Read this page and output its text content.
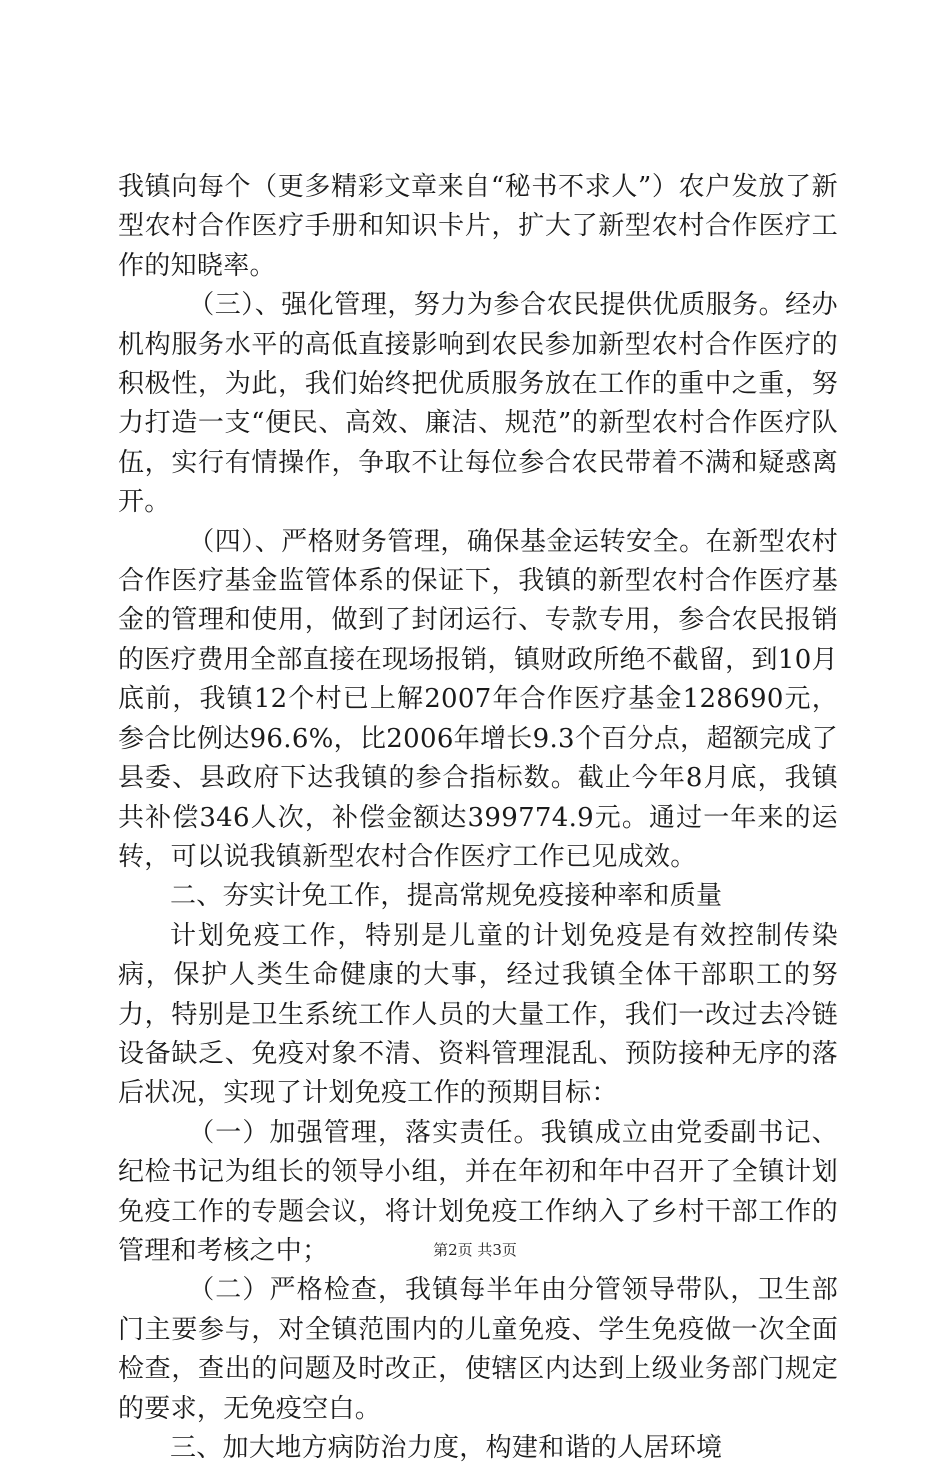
我镇向每个（更多精彩文章来自“秘书不求人”）农户发放了新型农村合作医疗手册和知识卡片，扩大了新型农村合作医疗工作的知晓率。

（三）、强化管理，努力为参合农民提供优质服务。经办机构服务水平的高低直接影响到农民参加新型农村合作医疗的积极性，为此，我们始终把优质服务放在工作的重中之重，努力打造一支“便民、高效、廉洁、规范”的新型农村合作医疗队伍，实行有情操作，争取不让每位参合农民带着不满和疑惑离开。

（四）、严格财务管理，确保基金运转安全。在新型农村合作医疗基金监管体系的保证下，我镇的新型农村合作医疗基金的管理和使用，做到了封闭运行、专款专用，参合农民报销的医疗费用全部直接在现场报销，镇财政所绝不截留，到10月底前，我镇12个村已上解2007年合作医疗基金128690元，参合比例达96.6%，比2006年增长9.3个百分点，超额完成了县委、县政府下达我镇的参合指标数。截止今年8月底，我镇共补偿346人次，补偿金额达399774.9元。通过一年来的运转，可以说我镇新型农村合作医疗工作已见成效。

二、夯实计免工作，提高常规免疫接种率和质量

计划免疫工作，特别是儿童的计划免疫是有效控制传染病，保护人类生命健康的大事，经过我镇全体干部职工的努力，特别是卫生系统工作人员的大量工作，我们一改过去冷链设备缺乏、免疫对象不清、资料管理混乱、预防接种无序的落后状况，实现了计划免疫工作的预期目标：

（一）加强管理，落实责任。我镇成立由党委副书记、纪检书记为组长的领导小组，并在年初和年中召开了全镇计划免疫工作的专题会议，将计划免疫工作纳入了乡村干部工作的管理和考核之中；

（二）严格检查，我镇每半年由分管领导带队，卫生部门主要参与，对全镇范围内的儿童免疫、学生免疫做一次全面检查，查出的问题及时改正，使辖区内达到上级业务部门规定的要求，无免疫空白。

三、加大地方病防治力度，构建和谐的人居环境

第2页 共3页
